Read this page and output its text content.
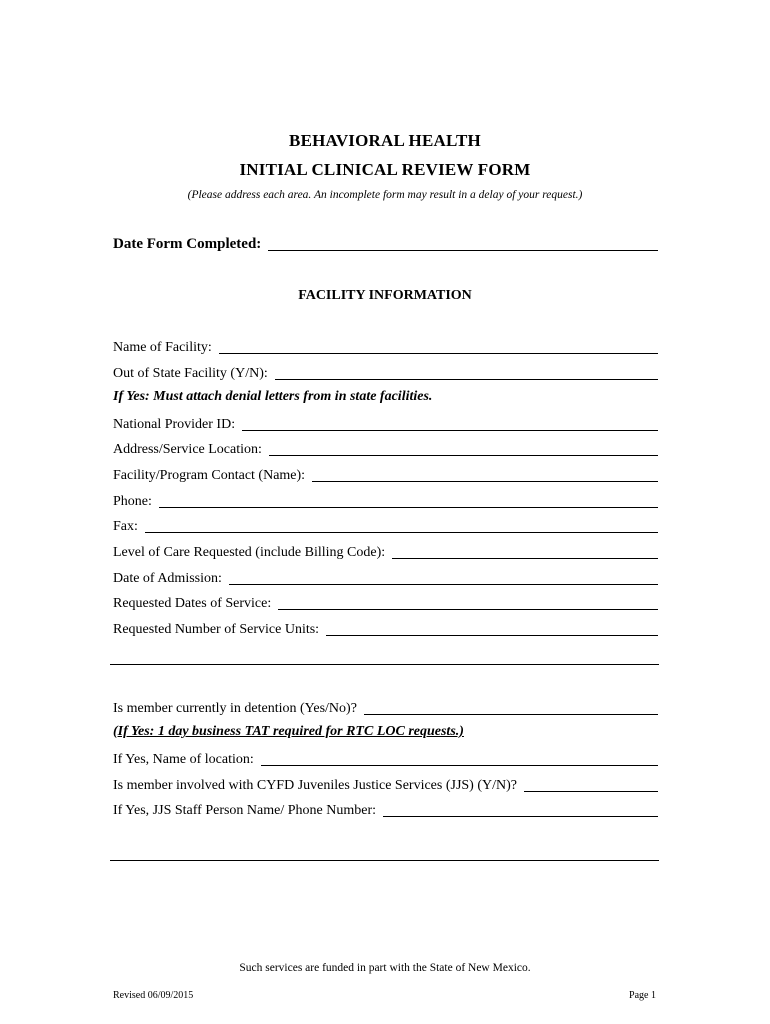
BEHAVIORAL HEALTH
INITIAL CLINICAL REVIEW FORM
(Please address each area. An incomplete form may result in a delay of your request.)
Date Form Completed:
FACILITY INFORMATION
Name of Facility:
Out of State Facility (Y/N):
If Yes: Must attach denial letters from in state facilities.
National Provider ID:
Address/Service Location:
Facility/Program Contact (Name):
Phone:
Fax:
Level of Care Requested (include Billing Code):
Date of Admission:
Requested Dates of Service:
Requested Number of Service Units:
Is member currently in detention (Yes/No)?
(If Yes: 1 day business TAT required for RTC LOC requests.)
If Yes, Name of location:
Is member involved with CYFD Juveniles Justice Services (JJS) (Y/N)?
If Yes, JJS Staff Person Name/ Phone Number:
Such services are funded in part with the State of New Mexico.
Revised 06/09/2015	Page 1
